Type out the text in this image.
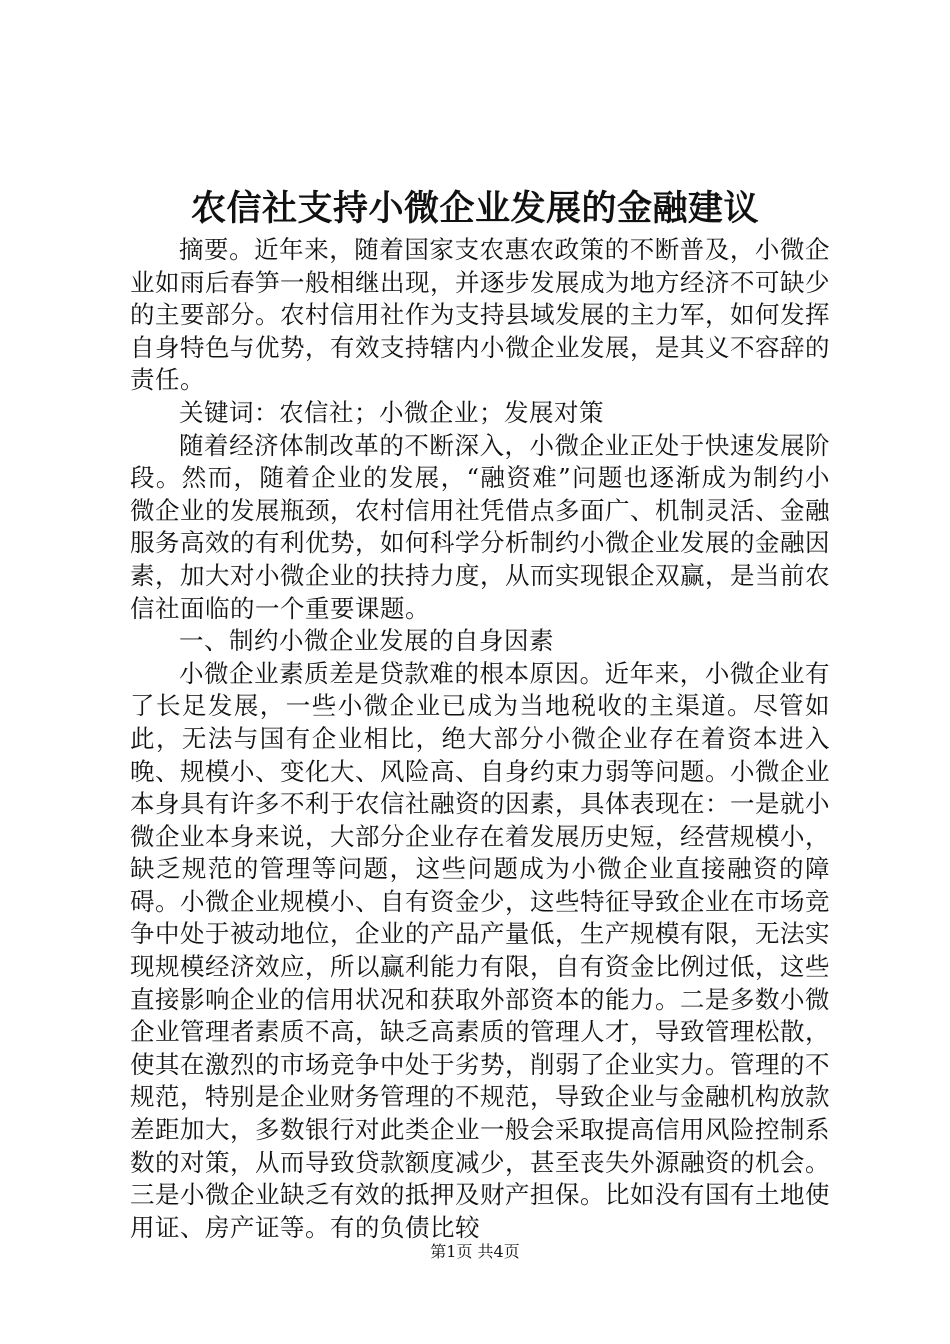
农信社支持小微企业发展的金融建议

摘要。近年来，随着国家支农惠农政策的不断普及，小微企业如雨后春笋一般相继出现，并逐步发展成为地方经济不可缺少的主要部分。农村信用社作为支持县域发展的主力军，如何发挥自身特色与优势，有效支持辖内小微企业发展，是其义不容辞的责任。

关键词：农信社；小微企业；发展对策

随着经济体制改革的不断深入，小微企业正处于快速发展阶段。然而，随着企业的发展，“融资难”问题也逐渐成为制约小微企业的发展瓶颈，农村信用社凭借点多面广、机制灵活、金融服务高效的有利优势，如何科学分析制约小微企业发展的金融因素，加大对小微企业的扶持力度，从而实现银企双赢，是当前农信社面临的一个重要课题。

一、制约小微企业发展的自身因素

小微企业素质差是贷款难的根本原因。近年来，小微企业有了长足发展，一些小微企业已成为当地税收的主渠道。尽管如此，无法与国有企业相比，绝大部分小微企业存在着资本进入晚、规模小、变化大、风险高、自身约束力弱等问题。小微企业本身具有许多不利于农信社融资的因素，具体表现在：一是就小微企业本身来说，大部分企业存在着发展历史短，经营规模小，缺乏规范的管理等问题，这些问题成为小微企业直接融资的障碍。小微企业规模小、自有资金少，这些特征导致企业在市场竞争中处于被动地位，企业的产品产量低，生产规模有限，无法实现规模经济效应，所以赢利能力有限，自有资金比例过低，这些直接影响企业的信用状况和获取外部资本的能力。二是多数小微企业管理者素质不高，缺乏高素质的管理人才，导致管理松散，使其在激烈的市场竞争中处于劣势，削弱了企业实力。管理的不规范，特别是企业财务管理的不规范，导致企业与金融机构放款差距加大，多数银行对此类企业一般会采取提高信用风险控制系数的对策，从而导致贷款额度减少，甚至丧失外源融资的机会。三是小微企业缺乏有效的抵押及财产担保。比如没有国有土地使用证、房产证等。有的负债比较

第1页 共4页
